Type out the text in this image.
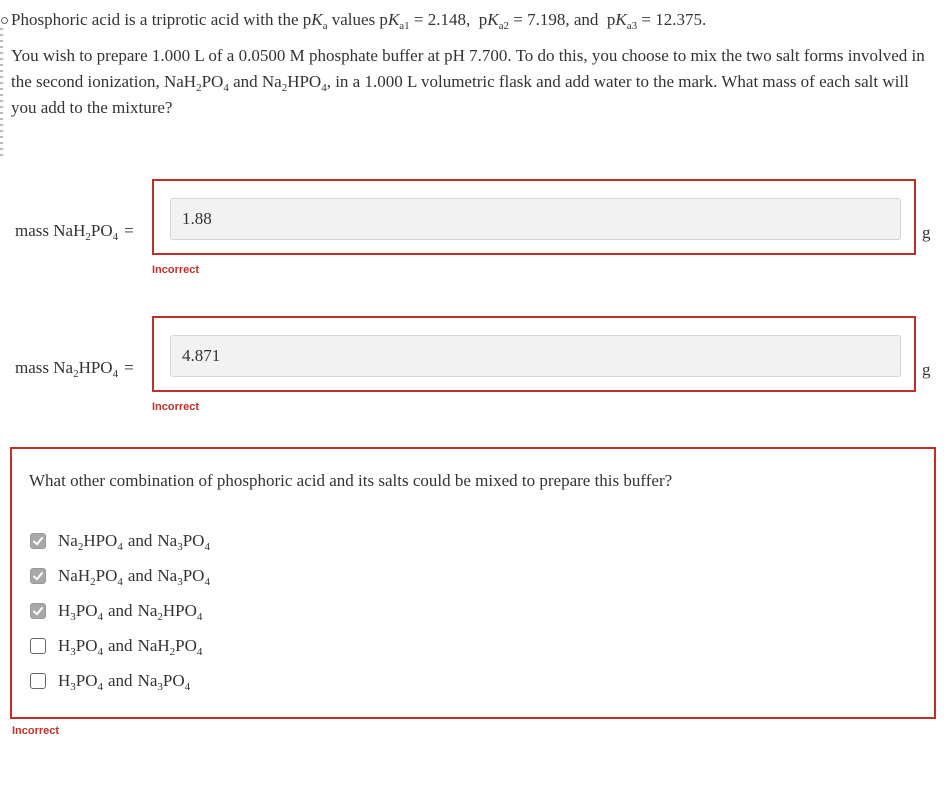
Phosphoric acid is a triprotic acid with the $pK_a$ values $pK_{a1} = 2.148$,  $pK_{a2} = 7.198$, and  $pK_{a3} = 12.375$.
You wish to prepare 1.000 L of a 0.0500 M phosphate buffer at pH 7.700. To do this, you choose to mix the two salt forms involved in the second ionization, $NaH_2PO_4$ and $Na_2HPO_4$, in a 1.000 L volumetric flask and add water to the mark. What mass of each salt will you add to the mixture?
mass $NaH_2PO_4$ =
1.88
g
Incorrect
mass $Na_2HPO_4$ =
4.871
g
Incorrect
What other combination of phosphoric acid and its salts could be mixed to prepare this buffer?
$Na_2HPO_4$ and $Na_3PO_4$
$NaH_2PO_4$ and $Na_3PO_4$
$H_3PO_4$ and $Na_2HPO_4$
$H_3PO_4$ and $NaH_2PO_4$
$H_3PO_4$ and $Na_3PO_4$
Incorrect
